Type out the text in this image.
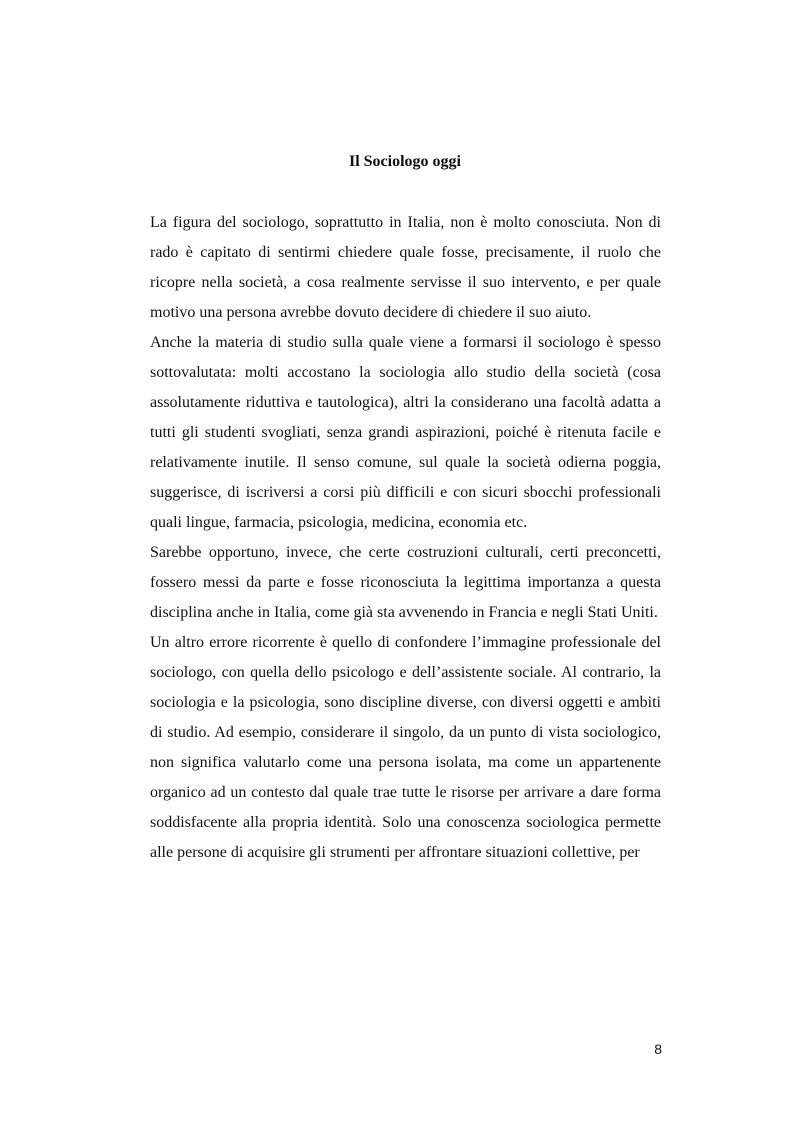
Il Sociologo oggi

La figura del sociologo, soprattutto in Italia, non è molto conosciuta. Non di rado è capitato di sentirmi chiedere quale fosse, precisamente, il ruolo che ricopre nella società, a cosa realmente servisse il suo intervento, e per quale motivo una persona avrebbe dovuto decidere di chiedere il suo aiuto.

Anche la materia di studio sulla quale viene a formarsi il sociologo è spesso sottovalutata: molti accostano la sociologia allo studio della società (cosa assolutamente riduttiva e tautologica), altri la considerano una facoltà adatta a tutti gli studenti svogliati, senza grandi aspirazioni, poiché è ritenuta facile e relativamente inutile. Il senso comune, sul quale la società odierna poggia, suggerisce, di iscriversi a corsi più difficili e con sicuri sbocchi professionali quali lingue, farmacia, psicologia, medicina, economia etc.

Sarebbe opportuno, invece, che certe costruzioni culturali, certi preconcetti, fossero messi da parte e fosse riconosciuta la legittima importanza a questa disciplina anche in Italia, come già sta avvenendo in Francia e negli Stati Uniti.

Un altro errore ricorrente è quello di confondere l’immagine professionale del sociologo, con quella dello psicologo e dell’assistente sociale. Al contrario, la sociologia e la psicologia, sono discipline diverse, con diversi oggetti e ambiti di studio. Ad esempio, considerare il singolo, da un punto di vista sociologico, non significa valutarlo come una persona isolata, ma come un appartenente organico ad un contesto dal quale trae tutte le risorse per arrivare a dare forma soddisfacente alla propria identità. Solo una conoscenza sociologica permette alle persone di acquisire gli strumenti per affrontare situazioni collettive, per

8
